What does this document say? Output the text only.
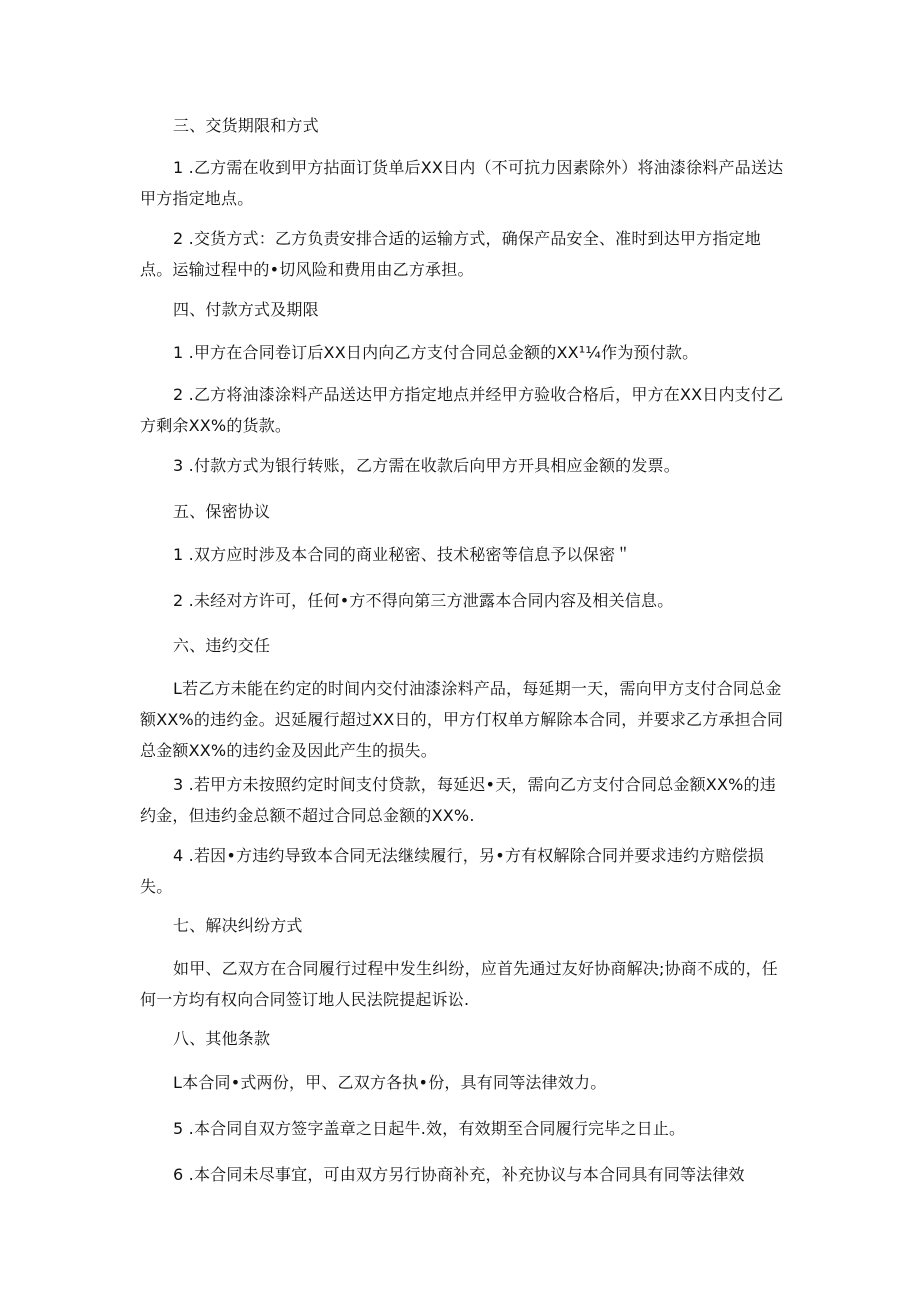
三、交货期限和方式
1 .乙方需在收到甲方拈面订货单后XX日内（不可抗力因素除外）将油漆徐料产品送达甲方指定地点。
2 .交货方式：乙方负责安排合适的运输方式，确保产品安全、准时到达甲方指定地点。运输过程中的•切风险和费用由乙方承担。
四、付款方式及期限
1 .甲方在合同卷订后XX日内向乙方支付合同总金额的XX¹¼作为预付款。
2 .乙方将油漆涂料产品送达甲方指定地点并经甲方验收合格后，甲方在XX日内支付乙方剩余XX%的货款。
3 .付款方式为银行转账，乙方需在收款后向甲方开具相应金额的发票。
五、保密协议
1 .双方应时涉及本合同的商业秘密、技术秘密等信息予以保密＂
2 .未经对方许可，任何•方不得向第三方泄露本合同内容及相关信息。
六、违约交任
L若乙方未能在约定的时间内交付油漆涂料产品，每延期一天，需向甲方支付合同总金额XX%的违约金。迟延履行超过XX日的，甲方仃权单方解除本合同，并要求乙方承担合同总金额XX%的违约金及因此产生的损失。
3 .若甲方未按照约定时间支付贷款，每延迟•天，需向乙方支付合同总金额XX%的违约金，但违约金总额不超过合同总金额的XX%.
4 .若因•方违约导致本合同无法继续履行，另•方有权解除合同并要求违约方赔偿损失。
七、解决纠纷方式
如甲、乙双方在合同履行过程中发生纠纷，应首先通过友好协商解决;协商不成的，任何一方均有权向合同签订地人民法院提起诉讼.
八、其他条款
L本合同•式两份，甲、乙双方各执•份，具有同等法律效力。
5 .本合同自双方签字盖章之日起牛.效，有效期至合同履行完毕之日止。
6 .本合同未尽事宜，可由双方另行协商补充，补充协议与本合同具有同等法律效
